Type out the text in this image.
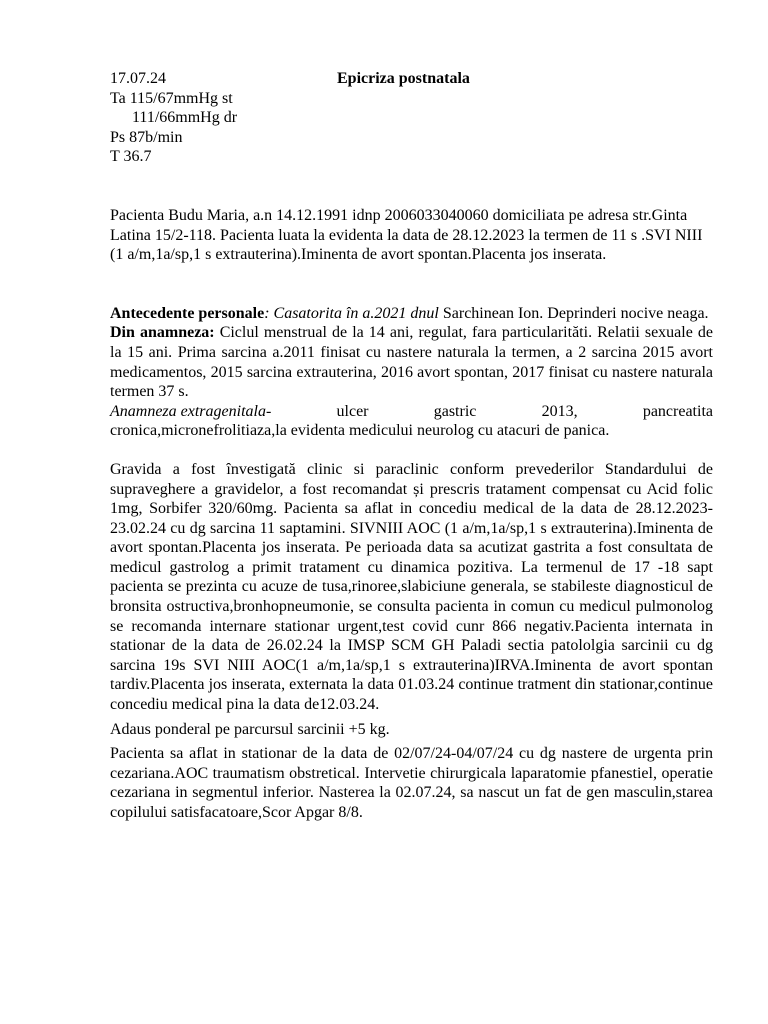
17.07.24	Epicriza postnatala
Ta 115/67mmHg st
111/66mmHg dr
Ps 87b/min
T 36.7

Pacienta Budu Maria, a.n 14.12.1991 idnp 2006033040060 domiciliata pe adresa str.Ginta Latina 15/2-118. Pacienta luata la evidenta la data de 28.12.2023 la termen de 11 s .SVI NIII (1 a/m,1a/sp,1 s extrauterina).Iminenta de avort spontan.Placenta jos inserata.

Antecedente personale: Casatorita în a.2021 dnul Sarchinean Ion. Deprinderi nocive neaga.

Din anamneza: Ciclul menstrual de la 14 ani, regulat, fara particularităti. Relatii sexuale de la 15 ani. Prima sarcina a.2011 finisat cu nastere naturala la termen, a 2 sarcina 2015 avort medicamentos, 2015 sarcina extrauterina, 2016 avort spontan, 2017 finisat cu nastere naturala termen 37 s.

Anamneza extragenitala-	ulcer	gastric	2013,	pancreatita

cronica,micronefrolitiaza,la evidenta medicului neurolog cu atacuri de panica.

Gravida a fost învestigată clinic si paraclinic conform prevederilor Standardului de supraveghere a gravidelor, a fost recomandat și prescris tratament compensat cu Acid folic 1mg, Sorbifer 320/60mg. Pacienta sa aflat in concediu medical de la data de 28.12.2023-23.02.24 cu dg sarcina 11 saptamini. SIVNIII AOC (1 a/m,1a/sp,1 s extrauterina).Iminenta de avort spontan.Placenta jos inserata. Pe perioada data sa acutizat gastrita a fost consultata de medicul gastrolog a primit tratament cu dinamica pozitiva. La termenul de 17 -18 sapt pacienta se prezinta cu acuze de tusa,rinoree,slabiciune generala, se stabileste diagnosticul de bronsita ostructiva,bronhopneumonie, se consulta pacienta in comun cu medicul pulmonolog se recomanda internare stationar urgent,test covid cunr 866 negativ.Pacienta internata in stationar de la data de 26.02.24 la IMSP SCM GH Paladi sectia patololgia sarcinii cu dg sarcina 19s SVI NIII AOC(1 a/m,1a/sp,1 s extrauterina)IRVA.Iminenta de avort spontan tardiv.Placenta jos inserata, externata la data 01.03.24 continue tratment din stationar,continue concediu medical pina la data de12.03.24.

Adaus ponderal pe parcursul sarcinii +5 kg.

Pacienta sa aflat in stationar de la data de 02/07/24-04/07/24 cu dg nastere de urgenta prin cezariana.AOC traumatism obstretical. Intervetie chirurgicala laparatomie pfanestiel, operatie cezariana in segmentul inferior. Nasterea la 02.07.24, sa nascut un fat de gen masculin,starea copilului satisfacatoare,Scor Apgar 8/8.
